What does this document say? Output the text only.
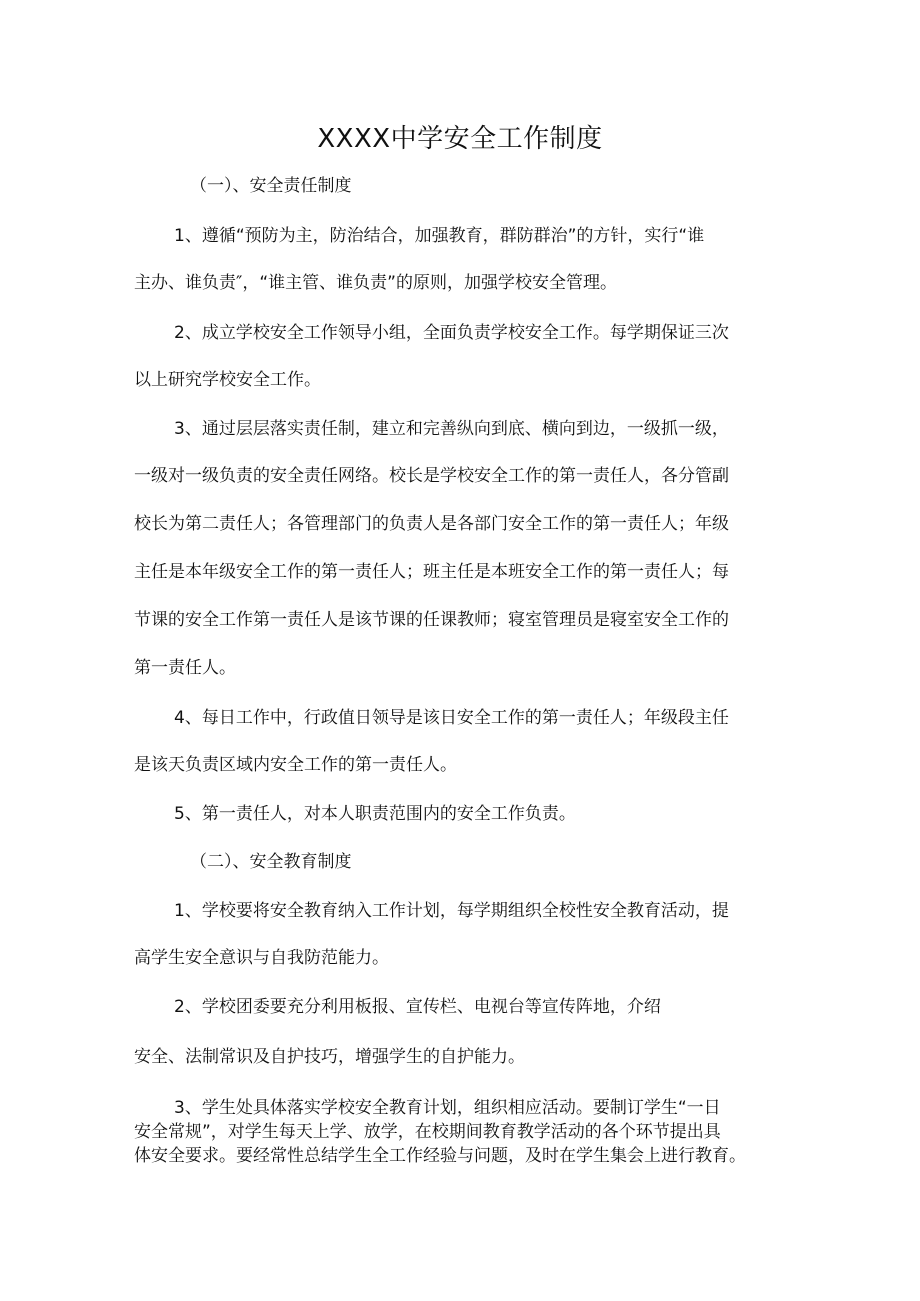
XXXX中学安全工作制度

（一）、安全责任制度

1、遵循“预防为主，防治结合，加强教育，群防群治”的方针，实行“谁

主办、谁负责″，“谁主管、谁负责”的原则，加强学校安全管理。

2、成立学校安全工作领导小组，全面负责学校安全工作。每学期保证三次

以上研究学校安全工作。

3、通过层层落实责任制，建立和完善纵向到底、横向到边，一级抓一级，

一级对一级负责的安全责任网络。校长是学校安全工作的第一责任人，各分管副

校长为第二责任人；各管理部门的负责人是各部门安全工作的第一责任人；年级

主任是本年级安全工作的第一责任人；班主任是本班安全工作的第一责任人；每

节课的安全工作第一责任人是该节课的任课教师；寝室管理员是寝室安全工作的

第一责任人。

4、每日工作中，行政值日领导是该日安全工作的第一责任人；年级段主任

是该天负责区域内安全工作的第一责任人。

5、第一责任人，对本人职责范围内的安全工作负责。

（二）、安全教育制度

1、学校要将安全教育纳入工作计划，每学期组织全校性安全教育活动，提

高学生安全意识与自我防范能力。

2、学校团委要充分利用板报、宣传栏、电视台等宣传阵地，介绍

安全、法制常识及自护技巧，增强学生的自护能力。

3、学生处具体落实学校安全教育计划，组织相应活动。要制订学生“一日

安全常规”，对学生每天上学、放学，在校期间教育教学活动的各个环节提出具

体安全要求。要经常性总结学生全工作经验与问题，及时在学生集会上进行教育。
